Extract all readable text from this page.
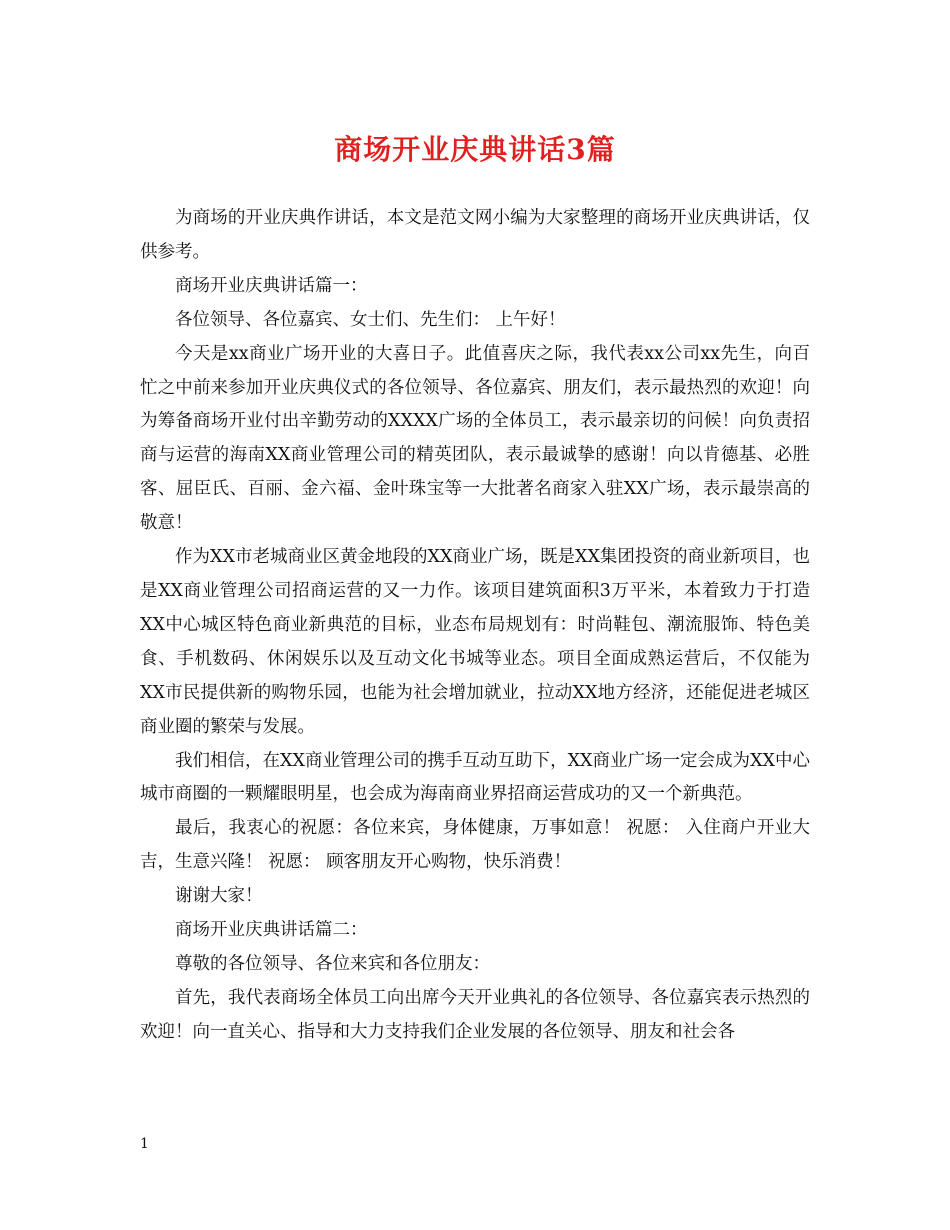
商场开业庆典讲话3篇

为商场的开业庆典作讲话，本文是范文网小编为大家整理的商场开业庆典讲话，仅供参考。

商场开业庆典讲话篇一：

各位领导、各位嘉宾、女士们、先生们： 上午好！

今天是xx商业广场开业的大喜日子。此值喜庆之际，我代表xx公司xx先生，向百忙之中前来参加开业庆典仪式的各位领导、各位嘉宾、朋友们，表示最热烈的欢迎！向为筹备商场开业付出辛勤劳动的XXXX广场的全体员工，表示最亲切的问候！向负责招商与运营的海南XX商业管理公司的精英团队，表示最诚挚的感谢！向以肯德基、必胜客、屈臣氏、百丽、金六福、金叶珠宝等一大批著名商家入驻XX广场，表示最崇高的敬意！

作为XX市老城商业区黄金地段的XX商业广场，既是XX集团投资的商业新项目，也是XX商业管理公司招商运营的又一力作。该项目建筑面积3万平米，本着致力于打造XX中心城区特色商业新典范的目标，业态布局规划有：时尚鞋包、潮流服饰、特色美食、手机数码、休闲娱乐以及互动文化书城等业态。项目全面成熟运营后，不仅能为XX市民提供新的购物乐园，也能为社会增加就业，拉动XX地方经济，还能促进老城区商业圈的繁荣与发展。

我们相信，在XX商业管理公司的携手互动互助下，XX商业广场一定会成为XX中心城市商圈的一颗耀眼明星，也会成为海南商业界招商运营成功的又一个新典范。

最后，我衷心的祝愿：各位来宾，身体健康，万事如意！ 祝愿： 入住商户开业大吉，生意兴隆！ 祝愿： 顾客朋友开心购物，快乐消费！

谢谢大家！

商场开业庆典讲话篇二：

尊敬的各位领导、各位来宾和各位朋友：

首先，我代表商场全体员工向出席今天开业典礼的各位领导、各位嘉宾表示热烈的欢迎！向一直关心、指导和大力支持我们企业发展的各位领导、朋友和社会各

1
